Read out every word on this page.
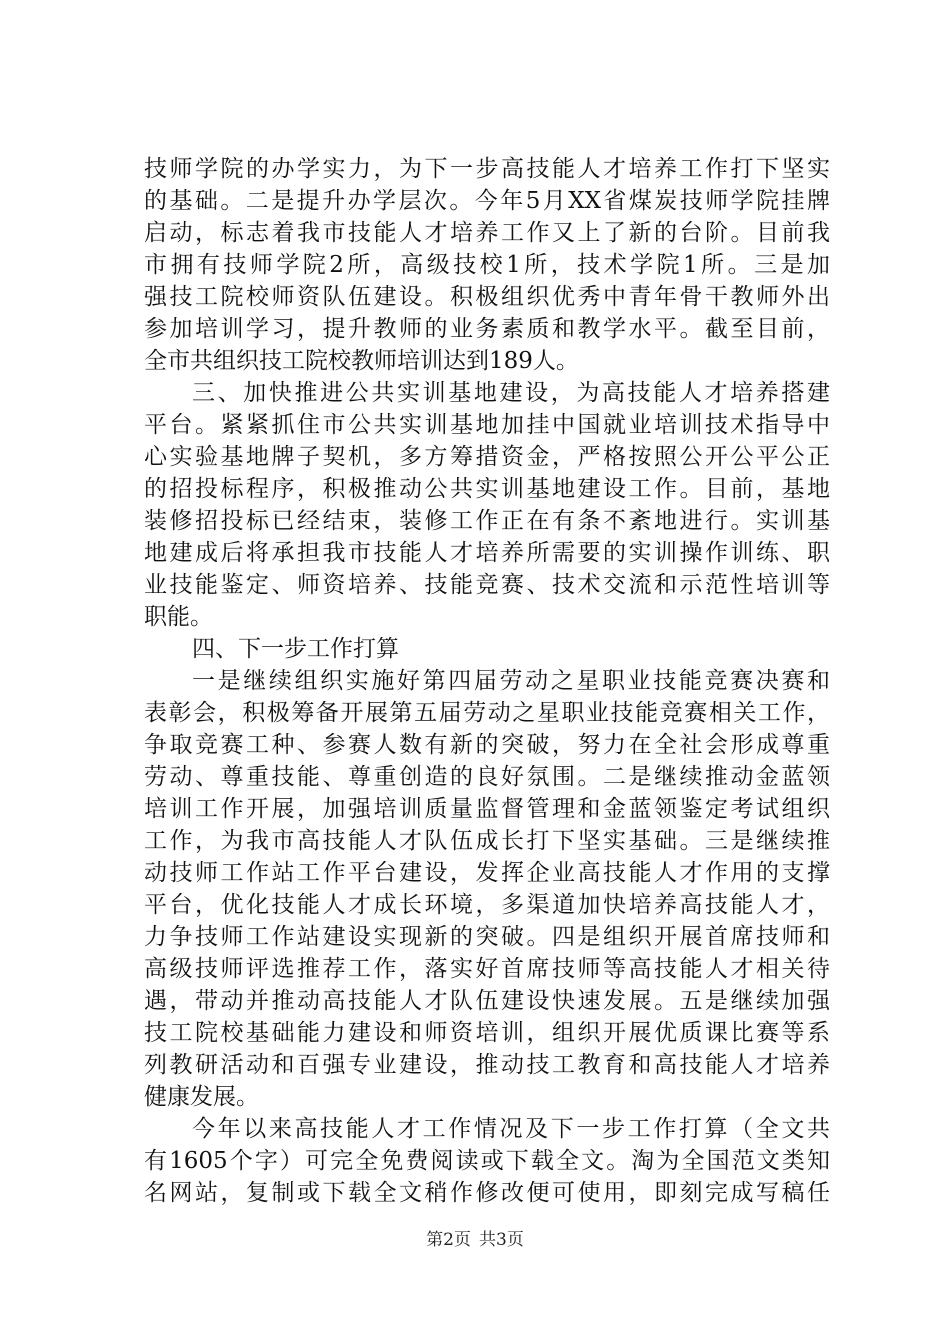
技师学院的办学实力，为下一步高技能人才培养工作打下坚实
的基础。二是提升办学层次。今年5月XX省煤炭技师学院挂牌
启动，标志着我市技能人才培养工作又上了新的台阶。目前我
市拥有技师学院2所，高级技校1所，技术学院1所。三是加
强技工院校师资队伍建设。积极组织优秀中青年骨干教师外出
参加培训学习，提升教师的业务素质和教学水平。截至目前，
全市共组织技工院校教师培训达到189人。
三、加快推进公共实训基地建设，为高技能人才培养搭建
平台。紧紧抓住市公共实训基地加挂中国就业培训技术指导中
心实验基地牌子契机，多方筹措资金，严格按照公开公平公正
的招投标程序，积极推动公共实训基地建设工作。目前，基地
装修招投标已经结束，装修工作正在有条不紊地进行。实训基
地建成后将承担我市技能人才培养所需要的实训操作训练、职
业技能鉴定、师资培养、技能竞赛、技术交流和示范性培训等
职能。
四、下一步工作打算
一是继续组织实施好第四届劳动之星职业技能竞赛决赛和
表彰会，积极筹备开展第五届劳动之星职业技能竞赛相关工作，
争取竞赛工种、参赛人数有新的突破，努力在全社会形成尊重
劳动、尊重技能、尊重创造的良好氛围。二是继续推动金蓝领
培训工作开展，加强培训质量监督管理和金蓝领鉴定考试组织
工作，为我市高技能人才队伍成长打下坚实基础。三是继续推
动技师工作站工作平台建设，发挥企业高技能人才作用的支撑
平台，优化技能人才成长环境，多渠道加快培养高技能人才，
力争技师工作站建设实现新的突破。四是组织开展首席技师和
高级技师评选推荐工作，落实好首席技师等高技能人才相关待
遇，带动并推动高技能人才队伍建设快速发展。五是继续加强
技工院校基础能力建设和师资培训，组织开展优质课比赛等系
列教研活动和百强专业建设，推动技工教育和高技能人才培养
健康发展。
今年以来高技能人才工作情况及下一步工作打算（全文共
有1605个字）可完全免费阅读或下载全文。淘为全国范文类知
名网站，复制或下载全文稍作修改便可使用，即刻完成写稿任
第2页 共3页
